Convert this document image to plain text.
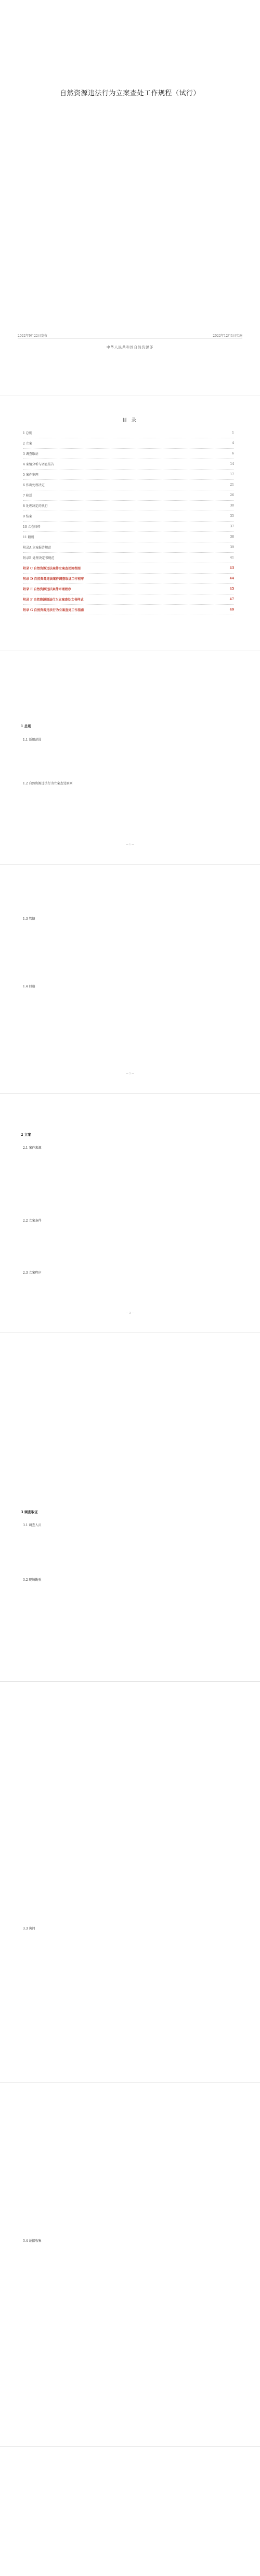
自然资源违法行为立案查处工作规程（试行）
2022年9月22日发布	2022年12月1日实施
中华人民共和国自然资源部
目 录
1 总则	1
2 立案	4
3 调查取证	6
4 案情分析与调查报告	14
5 案件审理	17
6 作出处理决定	21
7 移送	26
8 处理决定的执行	30
9 结案	35
10 立卷归档	37
11 附则	38
附录A 立案报告规范	39
附录B 处理决定书规范	41
附录 C 自然资源违法案件立案查处流程图	43
附录 D 自然资源违法案件调查取证工作程序	44
附录 E 自然资源违法案件审理程序	45
附录 F 自然资源违法行为立案查处文书样式	47
附录 G 自然资源违法行为立案查处工作指南	49
1 总则
1.1 适用范围
1.2 自然资源违法行为立案查处原则
— 1 —
1.3 管辖
1.4 回避
— 2 —
2 立案
2.1 案件来源
2.2 立案条件
2.3 立案程序
— 3 —
3 调查取证
3.1 调查人员
3.2 现场勘验
3.3 询问
3.4 证据收集
